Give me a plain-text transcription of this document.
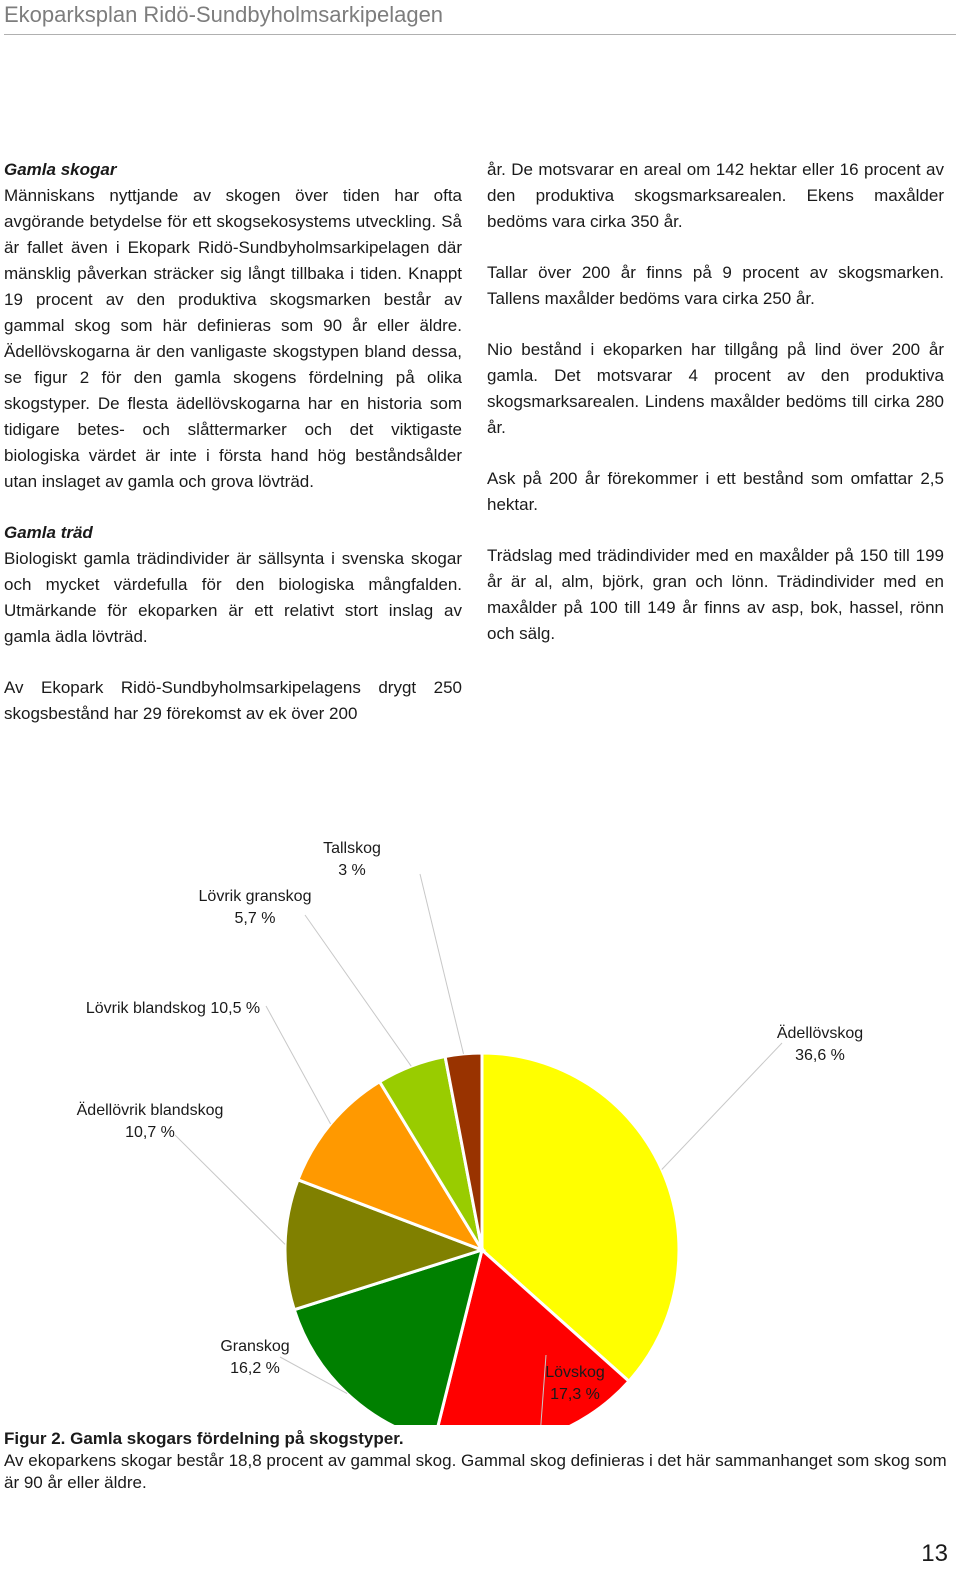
Ekoparksplan Ridö-Sundbyholmsarkipelagen

Gamla skogar

Människans nyttjande av skogen över tiden har ofta avgörande betydelse för ett skogsekosystems utveckling. Så är fallet även i Ekopark Ridö-Sundbyholmsarkipelagen där mänsklig påverkan sträcker sig långt tillbaka i tiden. Knappt 19 procent av den produktiva skogsmarken består av gammal skog som här definieras som 90 år eller äldre. Ädellövskogarna är den vanligaste skogstypen bland dessa, se figur 2 för den gamla skogens fördelning på olika skogstyper. De flesta ädellövskogarna har en historia som tidigare betes- och slåttermarker och det viktigaste biologiska värdet är inte i första hand hög beståndsålder utan inslaget av gamla och grova lövträd.

Gamla träd

Biologiskt gamla trädindivider är sällsynta i svenska skogar och mycket värdefulla för den biologiska mångfalden. Utmärkande för ekoparken är ett relativt stort inslag av gamla ädla lövträd.

Av Ekopark Ridö-Sundbyholmsarkipelagens drygt 250 skogsbestånd har 29 förekomst av ek över 200

år. De motsvarar en areal om 142 hektar eller 16 procent av den produktiva skogsmarksarealen. Ekens maxålder bedöms vara cirka 350 år.

Tallar över 200 år finns på 9 procent av skogsmarken. Tallens maxålder bedöms vara cirka 250 år.

Nio bestånd i ekoparken har tillgång på lind över 200 år gamla. Det motsvarar 4 procent av den produktiva skogsmarksarealen. Lindens maxålder bedöms till cirka 280 år.

Ask på 200 år förekommer i ett bestånd som omfattar 2,5 hektar.

Trädslag med trädindivider med en maxålder på 150 till 199 år är al, alm, björk, gran och lönn. Trädindivider med en maxålder på 100 till 149 år finns av asp, bok, hassel, rönn och sälg.

Ädellövskog
36,6 %
Lövskog
17,3 %
Granskog
16,2 %
Ädellövrik blandskog
10,7 %
Lövrik blandskog 10,5 %
Lövrik granskog
5,7 %
Tallskog
3 %
Figur 2. Gamla skogars fördelning på skogstyper.
Av ekoparkens skogar består 18,8 procent av gammal skog. Gammal skog definieras i det här sammanhanget som skog som är 90 år eller äldre.
13
